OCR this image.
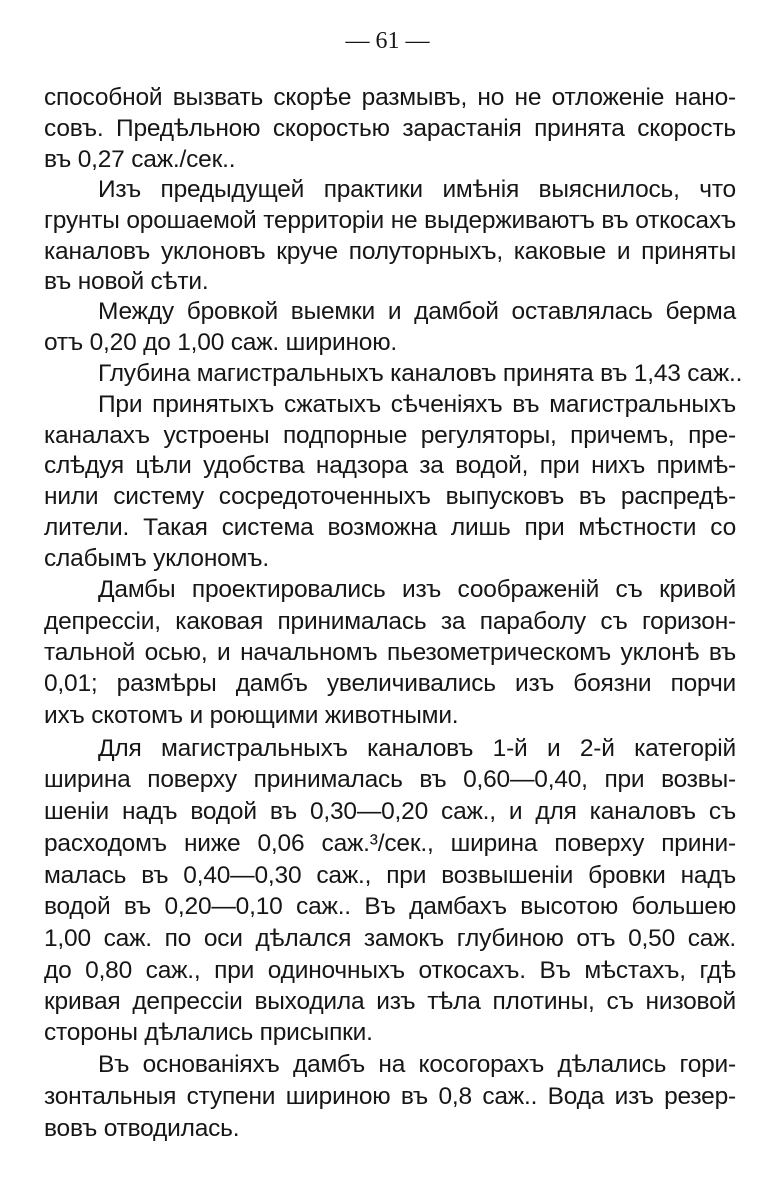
— 61 —
способной вызвать скорѣе размывъ, но не отложеніе нано-
совъ. Предѣльною скоростью зарастанія принята скорость
въ 0,27 саж./сек..
Изъ предыдущей практики имѣнія выяснилось, что
грунты орошаемой территоріи не выдерживаютъ въ откосахъ
каналовъ уклоновъ круче полуторныхъ, каковые и приняты
въ новой сѣти.
Между бровкой выемки и дамбой оставлялась берма
отъ 0,20 до 1,00 саж. шириною.
Глубина магистральныхъ каналовъ принята въ 1,43 саж..
При принятыхъ сжатыхъ сѣченіяхъ въ магистральныхъ
каналахъ устроены подпорные регуляторы, причемъ, пре-
слѣдуя цѣли удобства надзора за водой, при нихъ примѣ-
нили систему сосредоточенныхъ выпусковъ въ распредѣ-
лители. Такая система возможна лишь при мѣстности со
слабымъ уклономъ.
Дамбы проектировались изъ соображеній съ кривой
депрессіи, каковая принималась за параболу съ горизон-
тальной осью, и начальномъ пьезометрическомъ уклонѣ въ
0,01; размѣры дамбъ увеличивались изъ боязни порчи
ихъ скотомъ и роющими животными.
Для магистральныхъ каналовъ 1-й и 2-й категорій
ширина поверху принималась въ 0,60—0,40, при возвы-
шеніи надъ водой въ 0,30—0,20 саж., и для каналовъ съ
расходомъ ниже 0,06 саж.³/сек., ширина поверху прини-
малась въ 0,40—0,30 саж., при возвышеніи бровки надъ
водой въ 0,20—0,10 саж.. Въ дамбахъ высотою большею
1,00 саж. по оси дѣлался замокъ глубиною отъ 0,50 саж.
до 0,80 саж., при одиночныхъ откосахъ. Въ мѣстахъ, гдѣ
кривая депрессіи выходила изъ тѣла плотины, съ низовой
стороны дѣлались присыпки.
Въ основаніяхъ дамбъ на косогорахъ дѣлались гори-
зонтальныя ступени шириною въ 0,8 саж.. Вода изъ резер-
вовъ отводилась.
